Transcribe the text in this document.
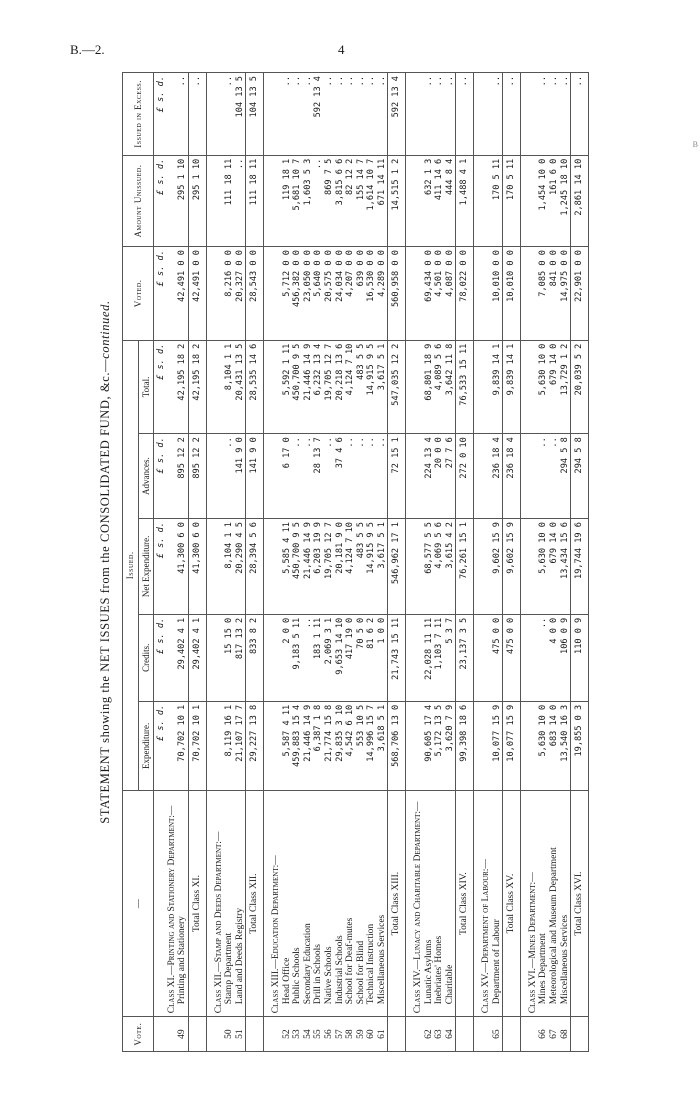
B.—2.	4
B
STATEMENT showing the NET ISSUES from the CONSOLIDATED FUND, &c.—continued.
Vote.	—	Issued.					Voted.	Amount Unissued.	Issued in Excess.
		Expenditure.	Credits.	Net Expenditure.	Advances.	Total.			
		£ s. d.	£ s. d.	£ s. d.	£ s. d.	£ s. d.	£ s. d.	£ s. d.	£ s. d.
	Class XI.—Printing and Stationery Department:—								
49	Printing and Stationery	70,702 10 1	29,402 4 1	41,300 6 0	895 12 2	42,195 18 2	42,491 0 0	295 1 10	..
	Total Class XI.	70,702 10 1	29,402 4 1	41,300 6 0	895 12 2	42,195 18 2	42,491 0 0	295 1 10	..

	Class XII.—Stamp and Deeds Department:—								
50	Stamp Department	8,119 16 1	15 15 0	8,104 1 1	..	8,104 1 1	8,216 0 0	111 18 11	..
51	Land and Deeds Registry	21,107 17 7	817 13 2	20,290 4 5	141 9 0	20,431 13 5	20,327 0 0	..	104 13 5
	Total Class XII.	29,227 13 8	833 8 2	28,394 5 6	141 9 0	28,535 14 6	28,543 0 0	111 18 11	104 13 5

	Class XIII.—Education Department:—								
52	Head Office	5,587 4 11	2 0 0	5,585 4 11	6 17 0	5,592 1 11	5,712 0 0	119 18 1	..
53	Public Schools	459,883 15 4	9,183 5 11	450,700 9 5	..	450,700 9 5	456,382 0 0	5,681 10 7	..
54	Secondary Education	21,446 14 9	..	21,446 14 9	..	21,446 14 9	23,050 0 0	1,603 5 3	..
55	Drill in Schools	6,387 1 8	183 1 11	6,203 19 9	28 13 7	6,232 13 4	5,640 0 0	..	592 13 4
56	Native Schools	21,774 15 8	2,069 3 1	19,705 12 7	..	19,705 12 7	20,575 0 0	869 7 5	..
57	Industrial Schools	29,835 3 10	9,653 14 10	20,181 9 0	37 4 6	20,218 13 6	24,034 0 0	3,815 6 6	..
58	School for Deaf-mutes	4,542 6 10	417 19 0	4,124 7 10	..	4,124 7 10	4,207 0 0	82 12 2	..
59	School for Blind	553 10 5	70 5 0	483 5 5	..	483 5 5	639 0 0	155 14 7	..
60	Technical Instruction	14,996 15 7	81 6 2	14,915 9 5	..	14,915 9 5	16,530 0 0	1,614 10 7	..
61	Miscellaneous Services	3,618 5 1	1 0 0	3,617 5 1	..	3,617 5 1	4,289 0 0	671 14 11	..
	Total Class XIII.	568,706 13 0	21,743 15 11	546,962 17 1	72 15 1	547,035 12 2	560,958 0 0	14,515 1 2	592 13 4

	Class XIV.—Lunacy and Charitable Department:—								
62	Lunatic Asylums	90,605 17 4	22,028 11 11	68,577 5 5	224 13 4	68,801 18 9	69,434 0 0	632 1 3	..
63	Inebriates' Homes	5,172 13 5	1,103 7 11	4,069 5 6	20 0 0	4,089 5 6	4,501 0 0	411 14 6	..
64	Charitable	3,620 7 9	5 3 7	3,615 4 2	27 7 6	3,642 11 8	4,087 0 0	444 8 4	..
	Total Class XIV.	99,398 18 6	23,137 3 5	76,261 15 1	272 0 10	76,533 15 11	78,022 0 0	1,488 4 1	..

	Class XV.—Department of Labour:—								
65	Department of Labour	10,077 15 9	475 0 0	9,602 15 9	236 18 4	9,839 14 1	10,010 0 0	170 5 11	..
	Total Class XV.	10,077 15 9	475 0 0	9,602 15 9	236 18 4	9,839 14 1	10,010 0 0	170 5 11	..

	Class XVI.—Mines Department:—								
66	Mines Department	5,630 10 0	..	5,630 10 0	..	5,630 10 0	7,085 0 0	1,454 10 0	..
67	Meteorological and Museum Department	683 14 0	4 0 0	679 14 0	..	679 14 0	841 0 0	161 6 0	..
68	Miscellaneous Services	13,540 16 3	106 0 9	13,434 15 6	294 5 8	13,729 1 2	14,975 0 0	1,245 18 10	..
	Total Class XVI.	19,855 0 3	110 0 9	19,744 19 6	294 5 8	20,039 5 2	22,901 0 0	2,861 14 10	..
